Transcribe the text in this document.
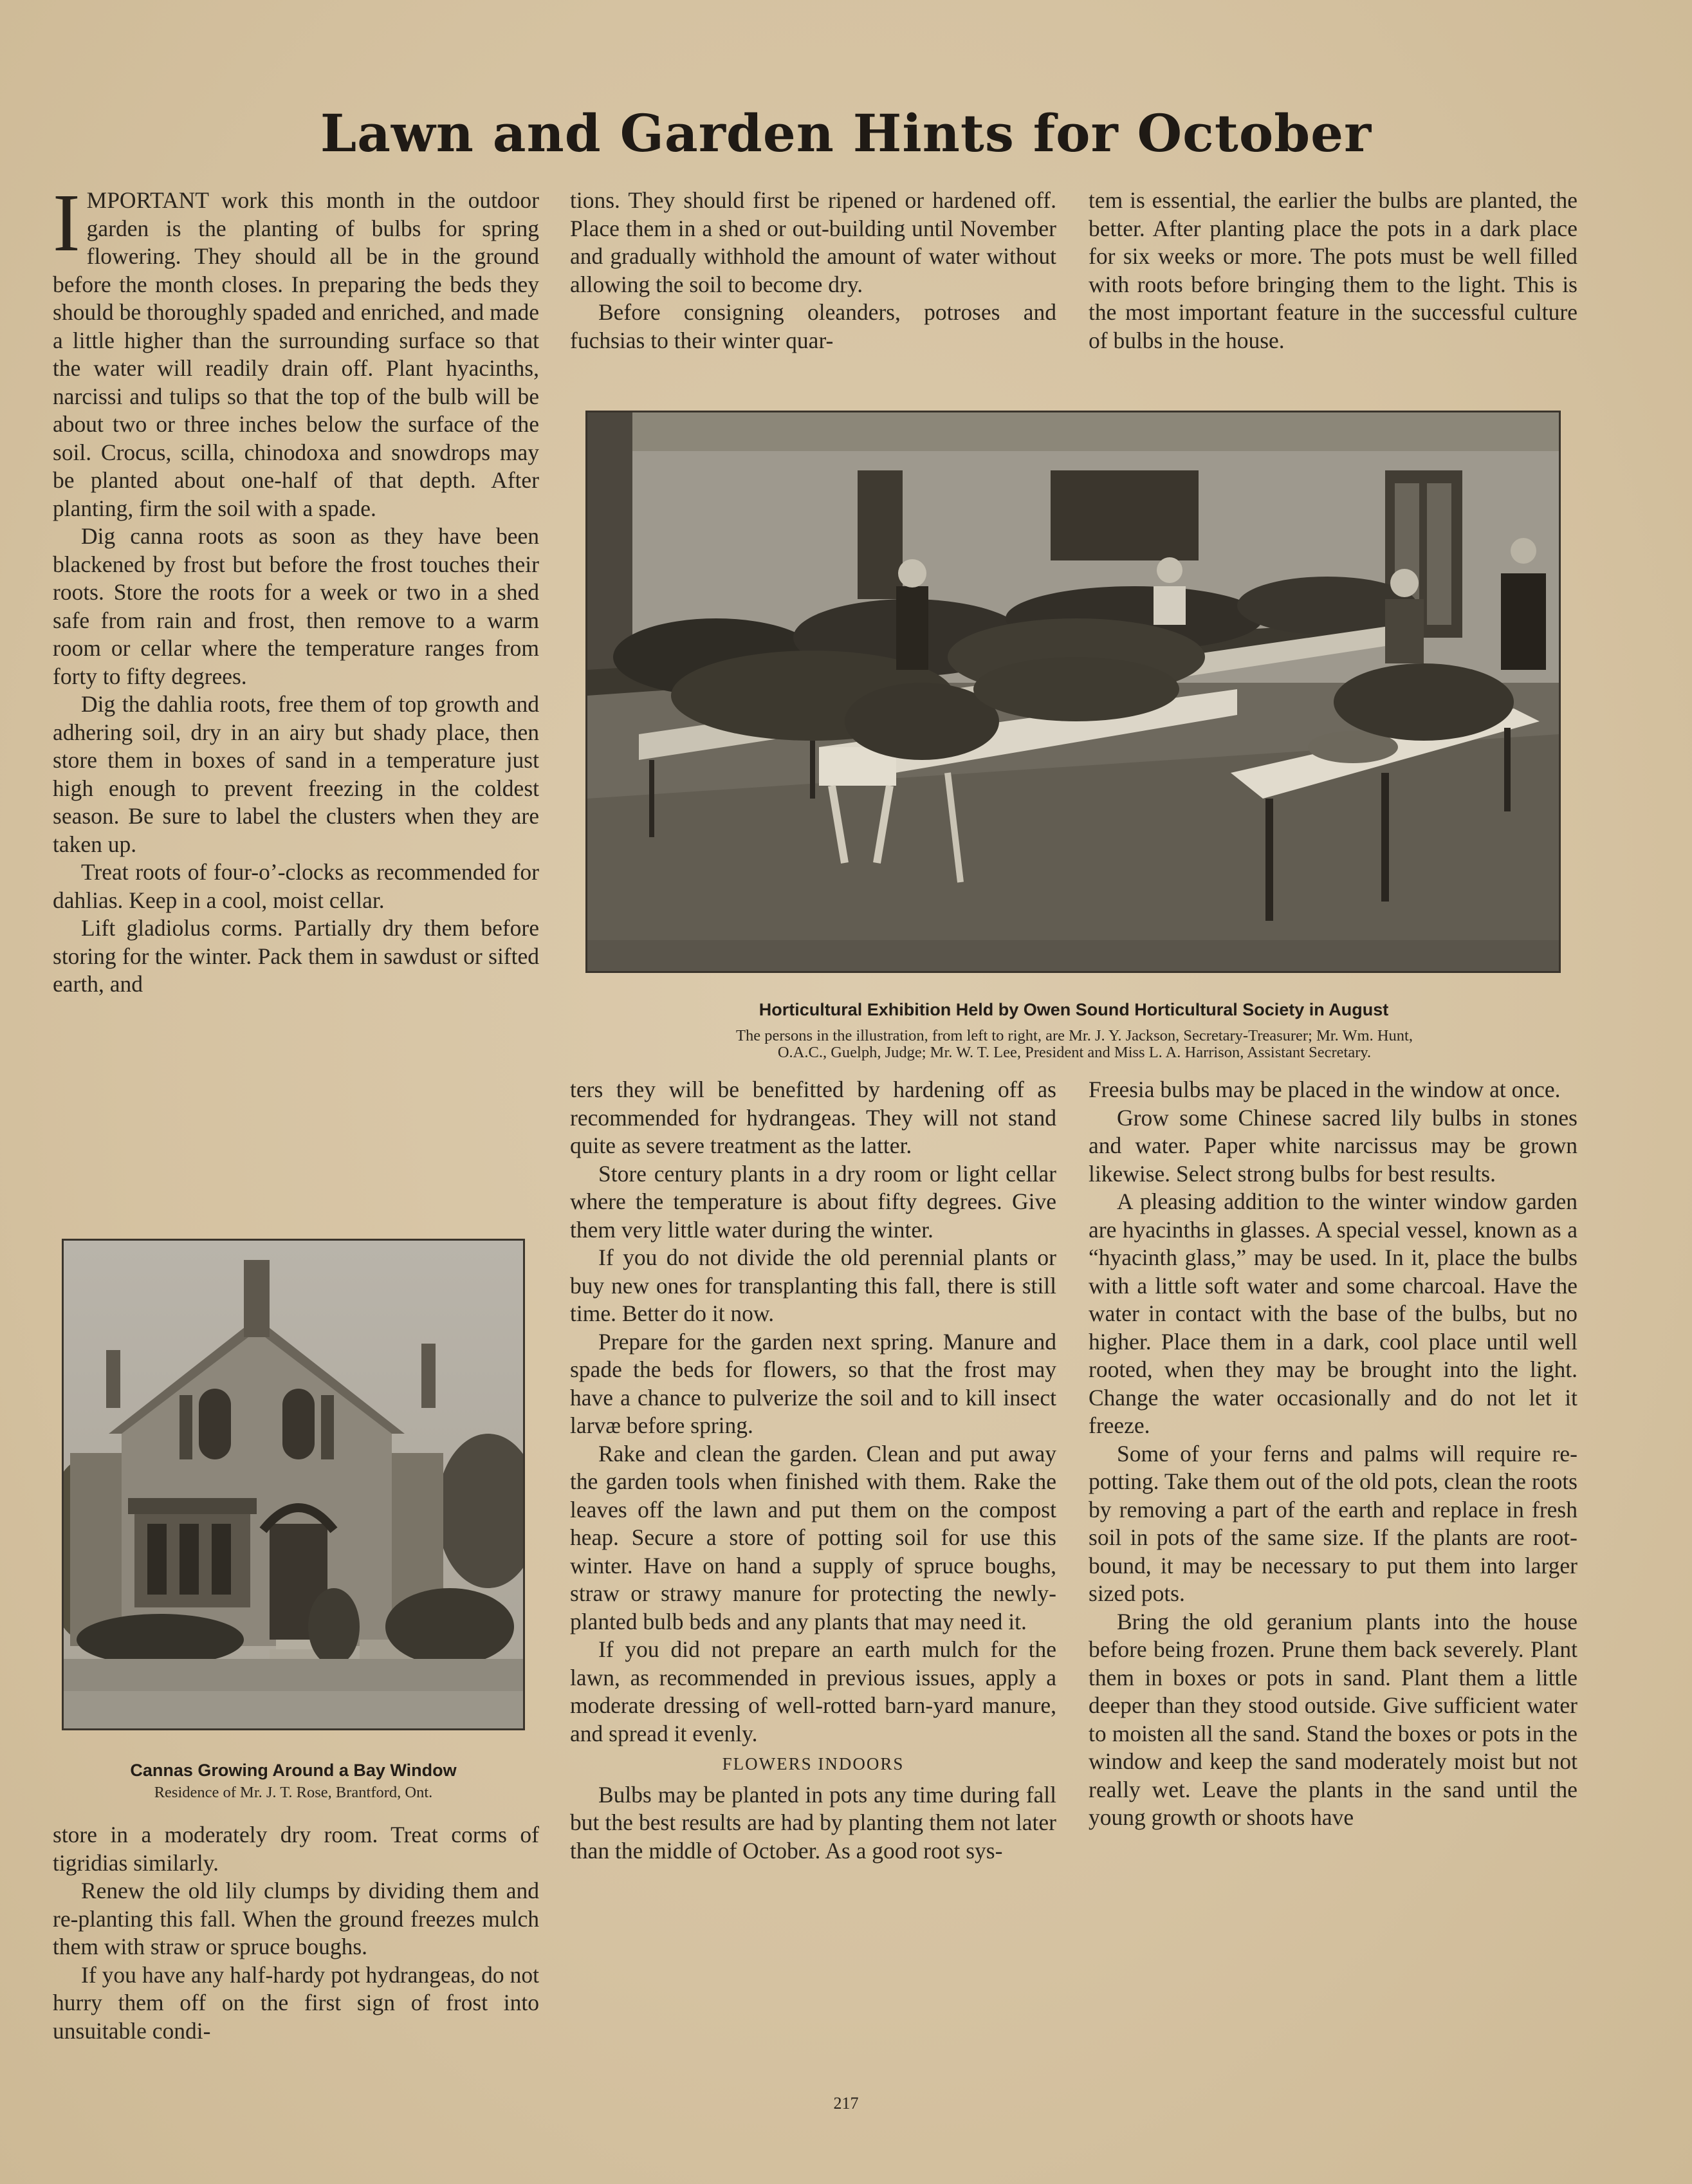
Lawn and Garden Hints for October

IMPORTANT work this month in the outdoor garden is the planting of bulbs for spring flowering. They should all be in the ground before the month closes. In preparing the beds they should be thoroughly spaded and enriched, and made a little higher than the surrounding surface so that the water will readily drain off. Plant hyacinths, narcissi and tulips so that the top of the bulb will be about two or three inches below the surface of the soil. Crocus, scilla, chinodoxa and snowdrops may be planted about one-half of that depth. After planting, firm the soil with a spade.

Dig canna roots as soon as they have been blackened by frost but before the frost touches their roots. Store the roots for a week or two in a shed safe from rain and frost, then remove to a warm room or cellar where the temperature ranges from forty to fifty degrees.

Dig the dahlia roots, free them of top growth and adhering soil, dry in an airy but shady place, then store them in boxes of sand in a temperature just high enough to prevent freezing in the coldest season. Be sure to label the clusters when they are taken up.

Treat roots of four-o’-clocks as recommended for dahlias. Keep in a cool, moist cellar.

Lift gladiolus corms. Partially dry them before storing for the winter. Pack them in sawdust or sifted earth, and

Cannas Growing Around a Bay Window
Residence of Mr. J. T. Rose, Brantford, Ont.

store in a moderately dry room. Treat corms of tigridias similarly.

Renew the old lily clumps by dividing them and re-planting this fall. When the ground freezes mulch them with straw or spruce boughs.

If you have any half-hardy pot hydrangeas, do not hurry them off on the first sign of frost into unsuitable condi-

tions. They should first be ripened or hardened off. Place them in a shed or out-building until November and gradually withhold the amount of water without allowing the soil to become dry.

Before consigning oleanders, potroses and fuchsias to their winter quar-

tem is essential, the earlier the bulbs are planted, the better. After planting place the pots in a dark place for six weeks or more. The pots must be well filled with roots before bringing them to the light. This is the most important feature in the successful culture of bulbs in the house.

Horticultural Exhibition Held by Owen Sound Horticultural Society in August
The persons in the illustration, from left to right, are Mr. J. Y. Jackson, Secretary-Treasurer; Mr. Wm. Hunt,
O.A.C., Guelph, Judge; Mr. W. T. Lee, President and Miss L. A. Harrison, Assistant Secretary.

ters they will be benefitted by hardening off as recommended for hydrangeas. They will not stand quite as severe treatment as the latter.

Store century plants in a dry room or light cellar where the temperature is about fifty degrees. Give them very little water during the winter.

If you do not divide the old perennial plants or buy new ones for transplanting this fall, there is still time. Better do it now.

Prepare for the garden next spring. Manure and spade the beds for flowers, so that the frost may have a chance to pulverize the soil and to kill insect larvæ before spring.

Rake and clean the garden. Clean and put away the garden tools when finished with them. Rake the leaves off the lawn and put them on the compost heap. Secure a store of potting soil for use this winter. Have on hand a supply of spruce boughs, straw or strawy manure for protecting the newly-planted bulb beds and any plants that may need it.

If you did not prepare an earth mulch for the lawn, as recommended in previous issues, apply a moderate dressing of well-rotted barn-yard manure, and spread it evenly.

FLOWERS INDOORS

Bulbs may be planted in pots any time during fall but the best results are had by planting them not later than the middle of October. As a good root sys-

Freesia bulbs may be placed in the window at once.

Grow some Chinese sacred lily bulbs in stones and water. Paper white narcissus may be grown likewise. Select strong bulbs for best results.

A pleasing addition to the winter window garden are hyacinths in glasses. A special vessel, known as a “hyacinth glass,” may be used. In it, place the bulbs with a little soft water and some charcoal. Have the water in contact with the base of the bulbs, but no higher. Place them in a dark, cool place until well rooted, when they may be brought into the light. Change the water occasionally and do not let it freeze.

Some of your ferns and palms will require re-potting. Take them out of the old pots, clean the roots by removing a part of the earth and replace in fresh soil in pots of the same size. If the plants are root-bound, it may be necessary to put them into larger sized pots.

Bring the old geranium plants into the house before being frozen. Prune them back severely. Plant them in boxes or pots in sand. Plant them a little deeper than they stood outside. Give sufficient water to moisten all the sand. Stand the boxes or pots in the window and keep the sand moderately moist but not really wet. Leave the plants in the sand until the young growth or shoots have

217
